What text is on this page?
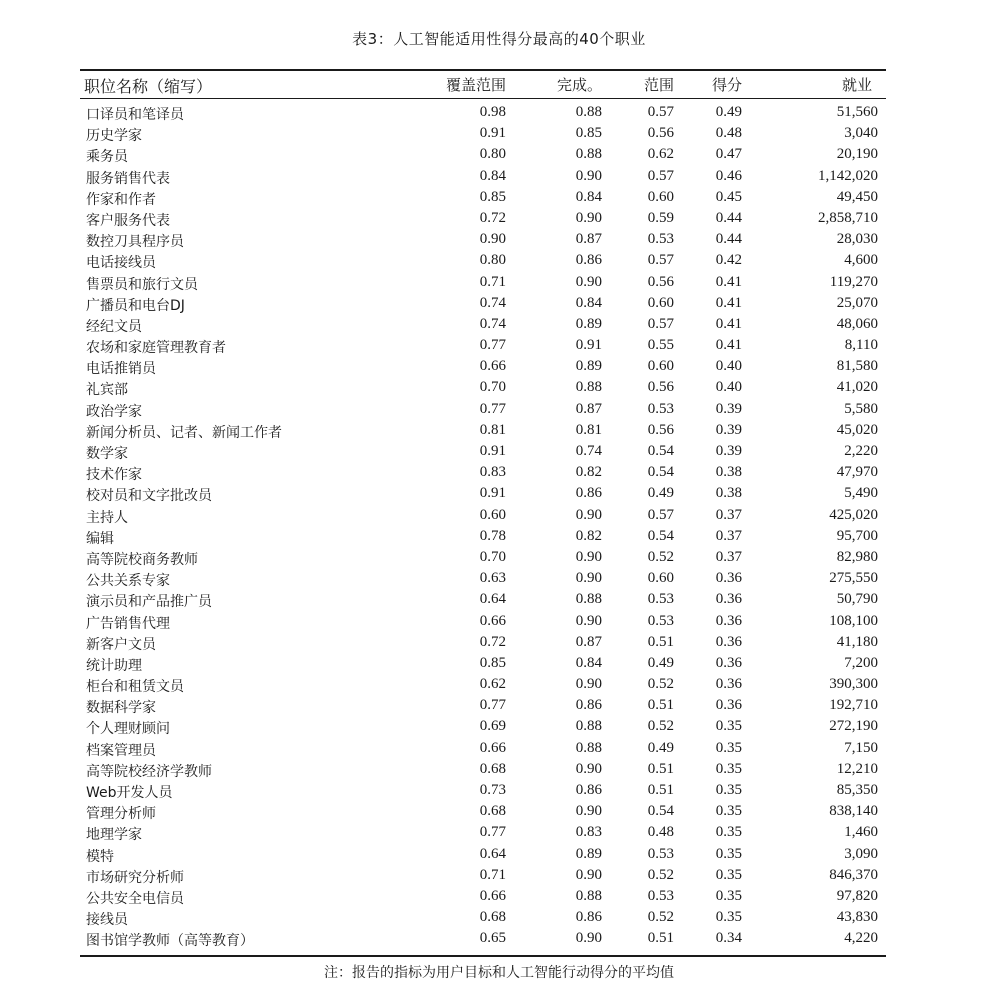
表3：人工智能适用性得分最高的40个职业
职位名称（缩写）	覆盖范围	完成。	范围	得分	就业
口译员和笔译员	0.98	0.88	0.57	0.49	51,560
历史学家	0.91	0.85	0.56	0.48	3,040
乘务员	0.80	0.88	0.62	0.47	20,190
服务销售代表	0.84	0.90	0.57	0.46	1,142,020
作家和作者	0.85	0.84	0.60	0.45	49,450
客户服务代表	0.72	0.90	0.59	0.44	2,858,710
数控刀具程序员	0.90	0.87	0.53	0.44	28,030
电话接线员	0.80	0.86	0.57	0.42	4,600
售票员和旅行文员	0.71	0.90	0.56	0.41	119,270
广播员和电台DJ	0.74	0.84	0.60	0.41	25,070
经纪文员	0.74	0.89	0.57	0.41	48,060
农场和家庭管理教育者	0.77	0.91	0.55	0.41	8,110
电话推销员	0.66	0.89	0.60	0.40	81,580
礼宾部	0.70	0.88	0.56	0.40	41,020
政治学家	0.77	0.87	0.53	0.39	5,580
新闻分析员、记者、新闻工作者	0.81	0.81	0.56	0.39	45,020
数学家	0.91	0.74	0.54	0.39	2,220
技术作家	0.83	0.82	0.54	0.38	47,970
校对员和文字批改员	0.91	0.86	0.49	0.38	5,490
主持人	0.60	0.90	0.57	0.37	425,020
编辑	0.78	0.82	0.54	0.37	95,700
高等院校商务教师	0.70	0.90	0.52	0.37	82,980
公共关系专家	0.63	0.90	0.60	0.36	275,550
演示员和产品推广员	0.64	0.88	0.53	0.36	50,790
广告销售代理	0.66	0.90	0.53	0.36	108,100
新客户文员	0.72	0.87	0.51	0.36	41,180
统计助理	0.85	0.84	0.49	0.36	7,200
柜台和租赁文员	0.62	0.90	0.52	0.36	390,300
数据科学家	0.77	0.86	0.51	0.36	192,710
个人理财顾问	0.69	0.88	0.52	0.35	272,190
档案管理员	0.66	0.88	0.49	0.35	7,150
高等院校经济学教师	0.68	0.90	0.51	0.35	12,210
Web开发人员	0.73	0.86	0.51	0.35	85,350
管理分析师	0.68	0.90	0.54	0.35	838,140
地理学家	0.77	0.83	0.48	0.35	1,460
模特	0.64	0.89	0.53	0.35	3,090
市场研究分析师	0.71	0.90	0.52	0.35	846,370
公共安全电信员	0.66	0.88	0.53	0.35	97,820
接线员	0.68	0.86	0.52	0.35	43,830
图书馆学教师（高等教育）	0.65	0.90	0.51	0.34	4,220
注：报告的指标为用户目标和人工智能行动得分的平均值
